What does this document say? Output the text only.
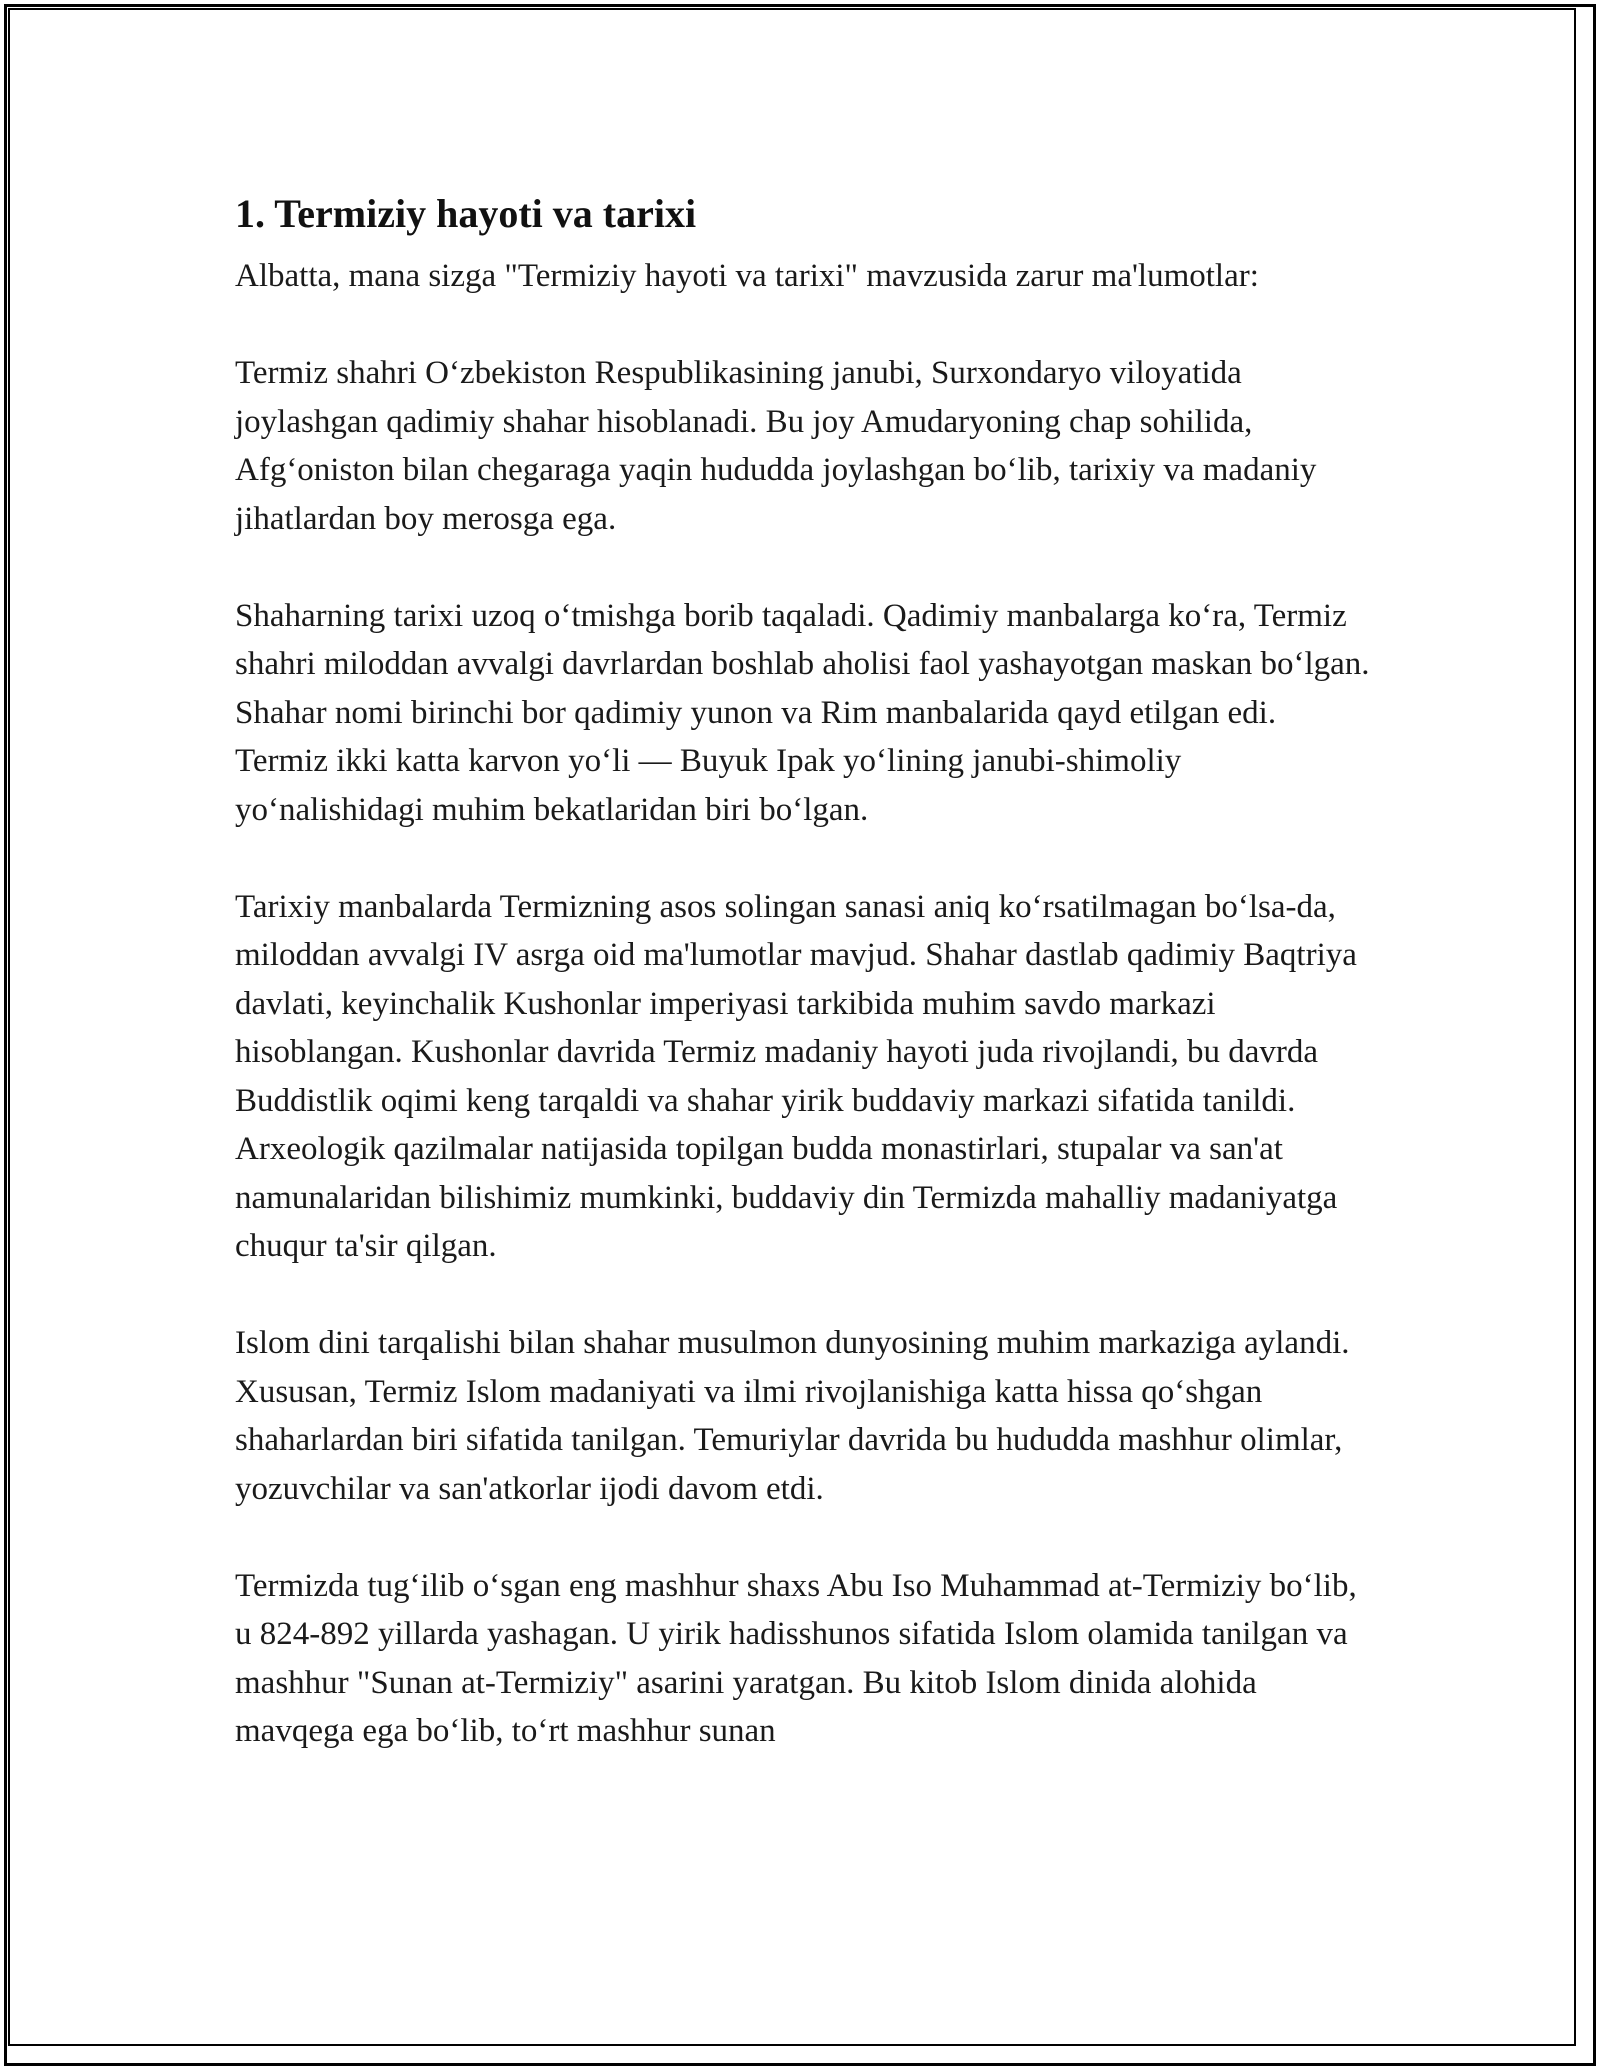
1. Termiziy hayoti va tarixi

Albatta, mana sizga "Termiziy hayoti va tarixi" mavzusida zarur ma'lumotlar:

Termiz shahri O‘zbekiston Respublikasining janubi, Surxondaryo viloyatida joylashgan qadimiy shahar hisoblanadi. Bu joy Amudaryoning chap sohilida, Afg‘oniston bilan chegaraga yaqin hududda joylashgan bo‘lib, tarixiy va madaniy jihatlardan boy merosga ega.

Shaharning tarixi uzoq o‘tmishga borib taqaladi. Qadimiy manbalarga ko‘ra, Termiz shahri miloddan avvalgi davrlardan boshlab aholisi faol yashayotgan maskan bo‘lgan. Shahar nomi birinchi bor qadimiy yunon va Rim manbalarida qayd etilgan edi. Termiz ikki katta karvon yo‘li — Buyuk Ipak yo‘lining janubi-shimoliy yo‘nalishidagi muhim bekatlaridan biri bo‘lgan.

Tarixiy manbalarda Termizning asos solingan sanasi aniq ko‘rsatilmagan bo‘lsa-da, miloddan avvalgi IV asrga oid ma'lumotlar mavjud. Shahar dastlab qadimiy Baqtriya davlati, keyinchalik Kushonlar imperiyasi tarkibida muhim savdo markazi hisoblangan. Kushonlar davrida Termiz madaniy hayoti juda rivojlandi, bu davrda Buddistlik oqimi keng tarqaldi va shahar yirik buddaviy markazi sifatida tanildi. Arxeologik qazilmalar natijasida topilgan budda monastirlari, stupalar va san'at namunalaridan bilishimiz mumkinki, buddaviy din Termizda mahalliy madaniyatga chuqur ta'sir qilgan.

Islom dini tarqalishi bilan shahar musulmon dunyosining muhim markaziga aylandi. Xususan, Termiz Islom madaniyati va ilmi rivojlanishiga katta hissa qo‘shgan shaharlardan biri sifatida tanilgan. Temuriylar davrida bu hududda mashhur olimlar, yozuvchilar va san'atkorlar ijodi davom etdi.

Termizda tug‘ilib o‘sgan eng mashhur shaxs Abu Iso Muhammad at-Termiziy bo‘lib, u 824-892 yillarda yashagan. U yirik hadisshunos sifatida Islom olamida tanilgan va mashhur "Sunan at-Termiziy" asarini yaratgan. Bu kitob Islom dinida alohida mavqega ega bo‘lib, to‘rt mashhur sunan
